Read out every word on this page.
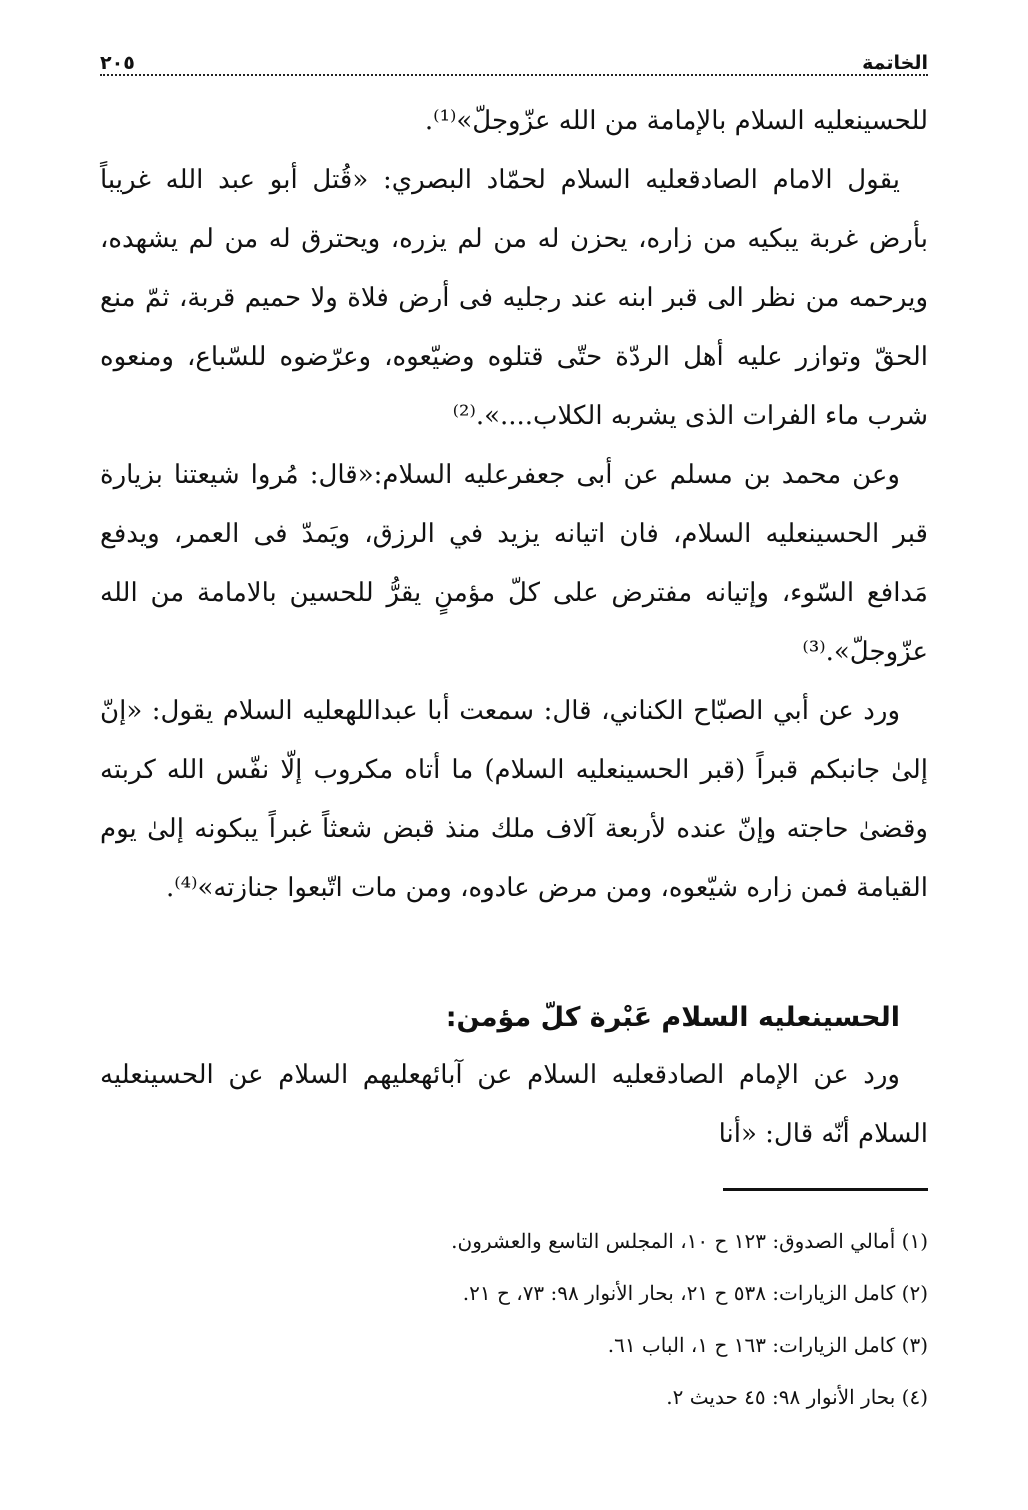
الخاتمة
٢٠٥

للحسينعليه السلام بالإمامة من الله عزّوجلّ»⁽¹⁾.

يقول الامام الصادقعليه السلام لحمّاد البصري: «قُتل أبو عبد الله غريباً بأرض غربة يبكيه من زاره، يحزن له من لم يزره، ويحترق له من لم يشهده، ويرحمه من نظر الى قبر ابنه عند رجليه فى أرض فلاة ولا حميم قربة، ثمّ منع الحقّ وتوازر عليه أهل الردّة حتّى قتلوه وضيّعوه، وعرّضوه للسّباع، ومنعوه شرب ماء الفرات الذى يشربه الكلاب....».⁽²⁾

وعن محمد بن مسلم عن أبى جعفرعليه السلام:«قال: مُروا شيعتنا بزيارة قبر الحسينعليه السلام، فان اتيانه يزيد في الرزق، ويَمدّ فى العمر، ويدفع مَدافع السّوء، وإتيانه مفترض على كلّ مؤمنٍ يقرُّ للحسين بالامامة من الله عزّوجلّ».⁽³⁾

ورد عن أبي الصبّاح الكناني، قال: سمعت أبا عبداللهعليه السلام يقول: «إنّ إلىٰ جانبكم قبراً (قبر الحسينعليه السلام) ما أتاه مكروب إلّا نفّس الله كربته وقضىٰ حاجته وإنّ عنده لأربعة آلاف ملك منذ قبض شعثاً غبراً يبكونه إلىٰ يوم القيامة فمن زاره شيّعوه، ومن مرض عادوه، ومن مات اتّبعوا جنازته»⁽⁴⁾.

الحسينعليه السلام عَبْرة كلّ مؤمن:

ورد عن الإمام الصادقعليه السلام عن آبائهعليهم السلام عن الحسينعليه السلام أنّه قال: «أنا

(١) أمالي الصدوق: ١٢٣ ح ١٠، المجلس التاسع والعشرون.

(٢) كامل الزيارات: ٥٣٨ ح ٢١، بحار الأنوار ٩٨: ٧٣، ح ٢١.

(٣) كامل الزيارات: ١٦٣ ح ١، الباب ٦١.

(٤) بحار الأنوار ٩٨: ٤٥ حديث ٢.
